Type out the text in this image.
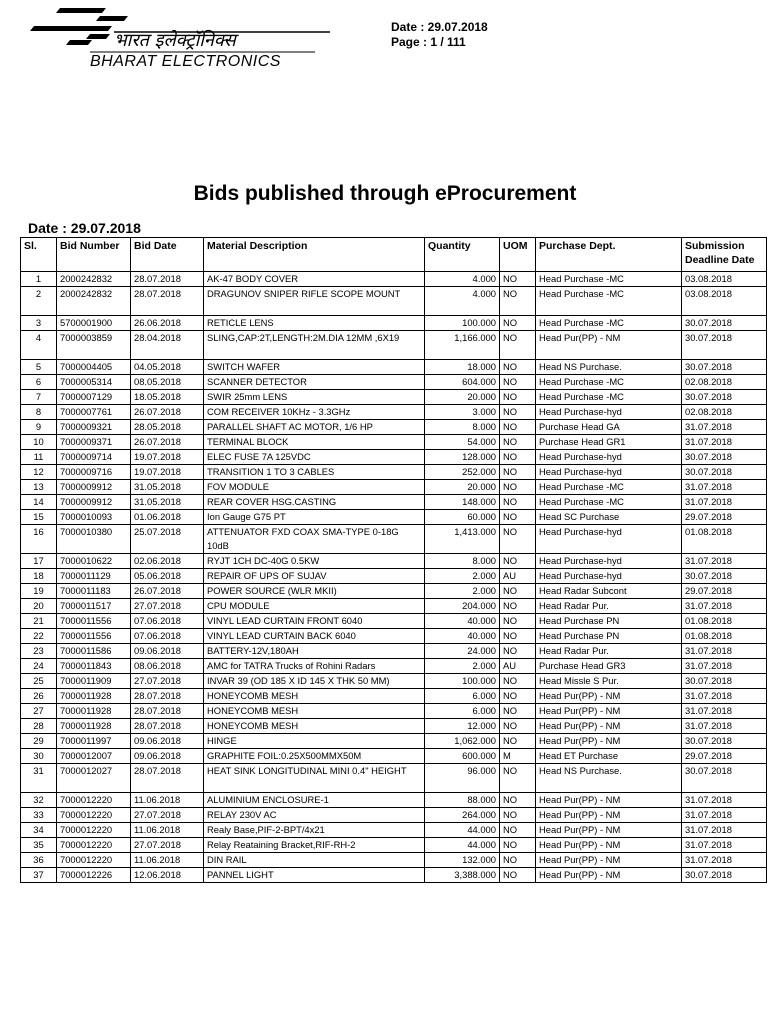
भारत इलेक्ट्रॉनिक्स
BHARAT ELECTRONICS
Date : 29.07.2018
Page : 1 / 111
Bids published through eProcurement
Date : 29.07.2018
Sl.	Bid Number	Bid Date	Material Description	Quantity	UOM	Purchase Dept.	Submission Deadline Date
1	2000242832	28.07.2018	AK-47 BODY COVER	4.000	NO	Head Purchase -MC	03.08.2018
2	2000242832	28.07.2018	DRAGUNOV SNIPER RIFLE SCOPE MOUNT	4.000	NO	Head Purchase -MC	03.08.2018
3	5700001900	26.06.2018	RETICLE LENS	100.000	NO	Head Purchase -MC	30.07.2018
4	7000003859	28.04.2018	SLING,CAP:2T,LENGTH:2M.DIA 12MM ,6X19	1,166.000	NO	Head Pur(PP) - NM	30.07.2018
5	7000004405	04.05.2018	SWITCH WAFER	18.000	NO	Head NS Purchase.	30.07.2018
6	7000005314	08.05.2018	SCANNER DETECTOR	604.000	NO	Head Purchase -MC	02.08.2018
7	7000007129	18.05.2018	SWIR 25mm LENS	20.000	NO	Head Purchase -MC	30.07.2018
8	7000007761	26.07.2018	COM RECEIVER 10KHz - 3.3GHz	3.000	NO	Head Purchase-hyd	02.08.2018
9	7000009321	28.05.2018	PARALLEL SHAFT AC MOTOR, 1/6 HP	8.000	NO	Purchase Head GA	31.07.2018
10	7000009371	26.07.2018	TERMINAL BLOCK	54.000	NO	Purchase Head GR1	31.07.2018
11	7000009714	19.07.2018	ELEC FUSE 7A 125VDC	128.000	NO	Head Purchase-hyd	30.07.2018
12	7000009716	19.07.2018	TRANSITION 1 TO 3 CABLES	252.000	NO	Head Purchase-hyd	30.07.2018
13	7000009912	31.05.2018	FOV MODULE	20.000	NO	Head Purchase -MC	31.07.2018
14	7000009912	31.05.2018	REAR COVER HSG.CASTING	148.000	NO	Head Purchase -MC	31.07.2018
15	7000010093	01.06.2018	Ion Gauge G75 PT	60.000	NO	Head SC Purchase	29.07.2018
16	7000010380	25.07.2018	ATTENUATOR FXD COAX SMA-TYPE 0-18G 10dB	1,413.000	NO	Head Purchase-hyd	01.08.2018
17	7000010622	02.06.2018	RYJT 1CH DC-40G 0.5KW	8.000	NO	Head Purchase-hyd	31.07.2018
18	7000011129	05.06.2018	REPAIR OF UPS OF SUJAV	2.000	AU	Head Purchase-hyd	30.07.2018
19	7000011183	26.07.2018	POWER SOURCE (WLR MKII)	2.000	NO	Head Radar Subcont	29.07.2018
20	7000011517	27.07.2018	CPU MODULE	204.000	NO	Head Radar Pur.	31.07.2018
21	7000011556	07.06.2018	VINYL LEAD CURTAIN FRONT 6040	40.000	NO	Head Purchase PN	01.08.2018
22	7000011556	07.06.2018	VINYL LEAD CURTAIN BACK 6040	40.000	NO	Head Purchase PN	01.08.2018
23	7000011586	09.06.2018	BATTERY-12V,180AH	24.000	NO	Head Radar Pur.	31.07.2018
24	7000011843	08.06.2018	AMC for TATRA Trucks of Rohini Radars	2.000	AU	Purchase Head GR3	31.07.2018
25	7000011909	27.07.2018	INVAR 39 (OD 185 X ID 145 X THK 50 MM)	100.000	NO	Head Missle S Pur.	30.07.2018
26	7000011928	28.07.2018	HONEYCOMB MESH	6.000	NO	Head Pur(PP) - NM	31.07.2018
27	7000011928	28.07.2018	HONEYCOMB MESH	6.000	NO	Head Pur(PP) - NM	31.07.2018
28	7000011928	28.07.2018	HONEYCOMB MESH	12.000	NO	Head Pur(PP) - NM	31.07.2018
29	7000011997	09.06.2018	HINGE	1,062.000	NO	Head Pur(PP) - NM	30.07.2018
30	7000012007	09.06.2018	GRAPHITE FOIL:0.25X500MMX50M	600.000	M	Head ET Purchase	29.07.2018
31	7000012027	28.07.2018	HEAT SINK LONGITUDINAL MINI 0.4" HEIGHT	96.000	NO	Head NS Purchase.	30.07.2018
32	7000012220	11.06.2018	ALUMINIUM ENCLOSURE-1	88.000	NO	Head Pur(PP) - NM	31.07.2018
33	7000012220	27.07.2018	RELAY 230V AC	264.000	NO	Head Pur(PP) - NM	31.07.2018
34	7000012220	11.06.2018	Realy Base,PIF-2-BPT/4x21	44.000	NO	Head Pur(PP) - NM	31.07.2018
35	7000012220	27.07.2018	Relay Reataining Bracket,RIF-RH-2	44.000	NO	Head Pur(PP) - NM	31.07.2018
36	7000012220	11.06.2018	DIN RAIL	132.000	NO	Head Pur(PP) - NM	31.07.2018
37	7000012226	12.06.2018	PANNEL LIGHT	3,388.000	NO	Head Pur(PP) - NM	30.07.2018
